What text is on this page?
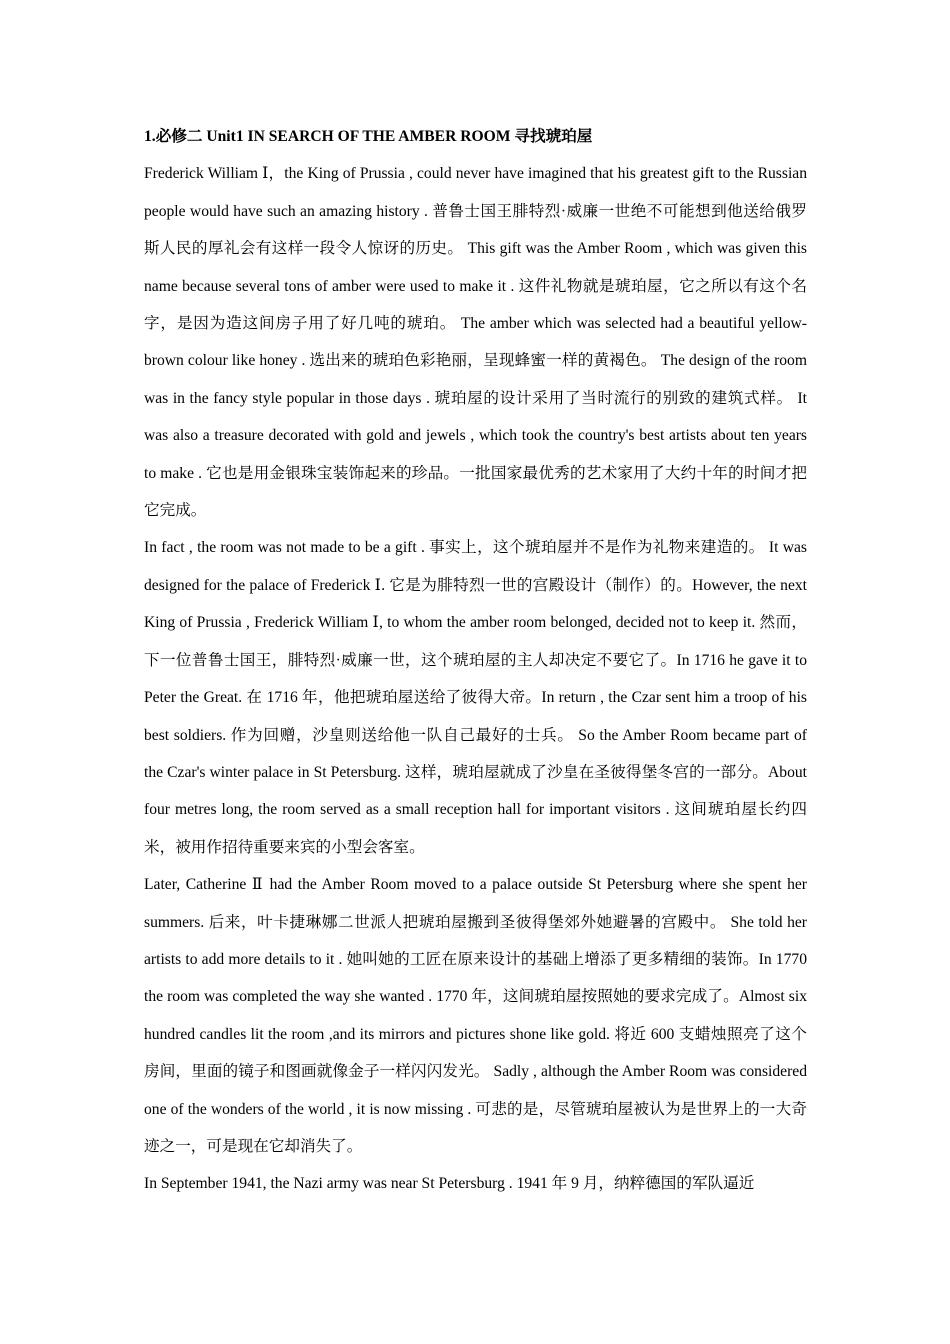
1.必修二 Unit1 IN SEARCH OF THE AMBER ROOM 寻找琥珀屋

Frederick William Ⅰ，the King of Prussia , could never have imagined that his greatest gift to the Russian people would have such an amazing history . 普鲁士国王腓特烈·威廉一世绝不可能想到他送给俄罗斯人民的厚礼会有这样一段令人惊讶的历史。 This gift was the Amber Room , which was given this name because several tons of amber were used to make it . 这件礼物就是琥珀屋，它之所以有这个名字，是因为造这间房子用了好几吨的琥珀。 The amber which was selected had a beautiful yellow-brown colour like honey . 选出来的琥珀色彩艳丽，呈现蜂蜜一样的黄褐色。 The design of the room was in the fancy style popular in those days . 琥珀屋的设计采用了当时流行的别致的建筑式样。 It was also a treasure decorated with gold and jewels , which took the country's best artists about ten years to make . 它也是用金银珠宝装饰起来的珍品。一批国家最优秀的艺术家用了大约十年的时间才把它完成。

In fact , the room was not made to be a gift . 事实上，这个琥珀屋并不是作为礼物来建造的。 It was designed for the palace of Frederick Ⅰ. 它是为腓特烈一世的宫殿设计（制作）的。However, the next King of Prussia , Frederick William Ⅰ, to whom the amber room belonged, decided not to keep it. 然而，下一位普鲁士国王，腓特烈·威廉一世，这个琥珀屋的主人却决定不要它了。In 1716 he gave it to Peter the Great. 在 1716 年，他把琥珀屋送给了彼得大帝。In return , the Czar sent him a troop of his best soldiers. 作为回赠，沙皇则送给他一队自己最好的士兵。 So the Amber Room became part of the Czar's winter palace in St Petersburg. 这样，琥珀屋就成了沙皇在圣彼得堡冬宫的一部分。About four metres long, the room served as a small reception hall for important visitors . 这间琥珀屋长约四米，被用作招待重要来宾的小型会客室。

Later, Catherine Ⅱ had the Amber Room moved to a palace outside St Petersburg where she spent her summers. 后来，叶卡捷琳娜二世派人把琥珀屋搬到圣彼得堡郊外她避暑的宫殿中。 She told her artists to add more details to it . 她叫她的工匠在原来设计的基础上增添了更多精细的装饰。In 1770 the room was completed the way she wanted . 1770 年，这间琥珀屋按照她的要求完成了。Almost six hundred candles lit the room ,and its mirrors and pictures shone like gold. 将近 600 支蜡烛照亮了这个房间，里面的镜子和图画就像金子一样闪闪发光。 Sadly , although the Amber Room was considered one of the wonders of the world , it is now missing . 可悲的是，尽管琥珀屋被认为是世界上的一大奇迹之一，可是现在它却消失了。

In September 1941, the Nazi army was near St Petersburg . 1941 年 9 月，纳粹德国的军队逼近
